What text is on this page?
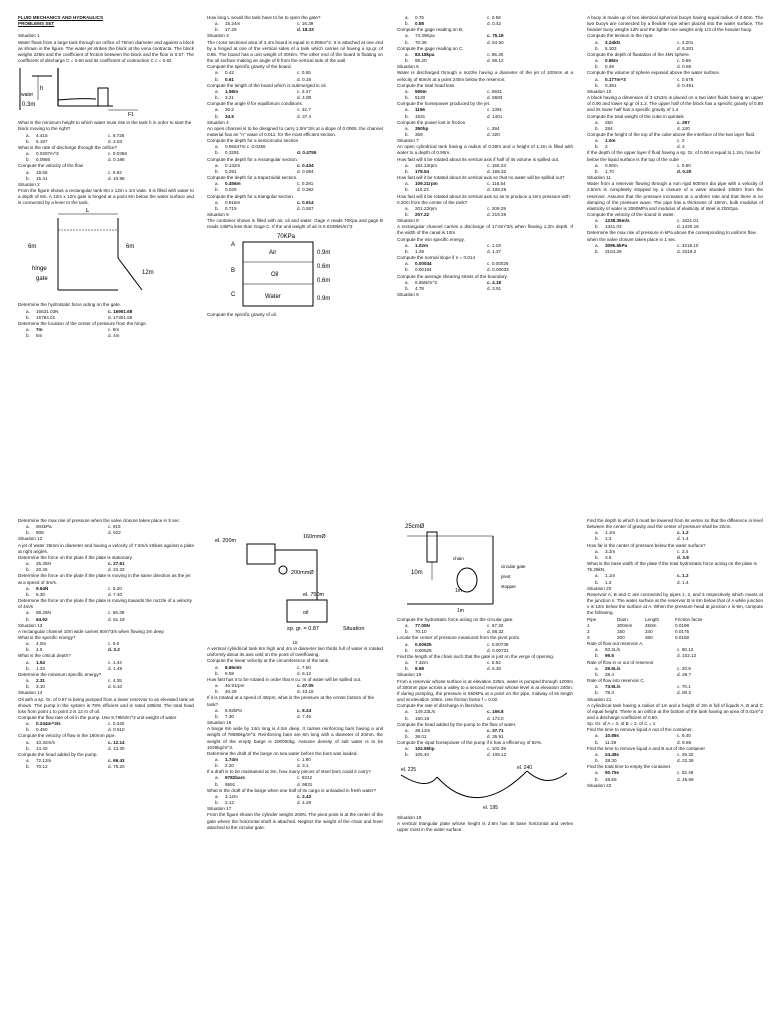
FLUID MECHANICS AND HYDRAULICS

PROBLEMS SET

Situation 1

Water flows from a large tank through an orifice of 75mm diameter and against a block as shown in the figure. The water jet strikes the block at the vena contracta. The block weighs 225N and the coefficient of friction between the block and the floor is 0.57. The coefficient of discharge C = 0.60 and its coefficient of contraction C c = 0.62

h
water
0.3m
F1

What is the minimum height to which water must rise in the tank h in order to start the block moving to the right?

a.	4.415	c. 6.725
b.	5.187	d. 2.53

What is the rate of discharge through the orifice?

a.	0.0297m^3	c. 0.0356
b.	0.0956	d. 0.186

Compute the velocity of the flow

a.	18.65	c. 6.82
b.	15.41	d. 10.86

Situation 2

From the figure shows a rectangular tank 8m x 12m x 1m wide. It is filled with water to a depth of 6m. A 12m x 12m gate is hinged at a point 6m below the water surface and is connected by a lever to the tank.

L
6m	6m
hinge
gate
12m

Determine the hydrostatic force acting on the gate.

a.	16631.03N	c. 16951.68
b.	15784.01	d. 17301.58

Determine the location of the center of pressure from the hinge.

a.	7m	c. 6m
b.	5m	d. 4m

How long L would the tank have to be to open the gate?

a.	15.24m	c. 16.39
b.	17.29	d. 18.33

Situation 3

The cross sectional area of 3.4m board is equal to 0.005m^2. It is attached at one end by a hinged at one of the vertical sides of a tank which carries oil having a sp.gr. of 0.85. The board has a unit weight of 30N/m. The other end of the board is floating on the oil surface making an angle of θ from the vertical side of the wall.

Compute the specific gravity of the board.

a.	0.42	c. 0.55
b.	0.61	d. 0.18

Compute the length of the board which is submerged in oil.

a.	1.58m	c. 2.47
b.	3.21	d. 4.08

Compute the angle θ for equilibrium conditions.

a.	30.2	c. 32.7
b.	34.5	d. 37.4

Situation 4

An open channel is to be designed to carry 1.0m^3/s at a slope of 0.0065. the channel material has an "n" value of 0.011. for the most efficient section.

Compute the depth for a semicircular section

a.	0.06547m c. 0.0256
b.	0.3291	d. 0.4755

Compute the depth for a rectangular section.

a.	0.132m	c. 0.434
b.	0.291	d. 0.084

Compute the depth for a trapezoidal section.

a.	0.456m	c. 0.281
b.	0.029	d. 0.392

Compute the depth for a triangular section.

a.	0.815m	c. 0.614
b.	0.719	d. 0.557

Situation 5

The container shown is filled with air, oil and water. Gage A reads 70Kpa and gage B reads 14kPa less than Gage C. If the unit weight of air is 0.0236kN/m^3

70KPa
A
B
C
Air
Oil
Water
0.9m
0.6m
0.6m
0.9m

Compute the specific gravity of oil.

a.	0.75	c. 0.56
b.	0.88	d. 0.42

Compute the gage reading on B.

a.	74.39Kpa	c. 75.18
b.	70.39	d. 64.50

Compute the gage reading on C.

a.	83.18kpa	c. 85.30
b.	95.20	d. 86.12

Situation 6

Water is discharged through a nozzle having a diameter of the jet of 100mm at a velocity of 60m/s at a point 240m below the reservoir.

Compute the total head loss.

a.	565m	c. 5931
b.	5120	d. 5683

Compute the horsepower produced by the jet.

a.	1156	c. 1391
b.	1531	d. 1401

Compute the power lost in friction

a.	350hp	c. 394
b.	359	d. 320

Situation 7

An open cylindrical tank having a radius of 0.30m and a height of 1.2m is filled with water to a depth of 0.90m.

How fast will it be rotated about its vertical axis if half of its volume is spilled out.

a.	184.23rpm	c. 156.23
b.	178.54	d. 168.32

How fast will it be rotated about its vertical axis so that no water will be spilled out?

a.	109.21rpm	c. 116.54
b.	110.23	d. 108.29

How fast will it be rotated about its vertical axis so as to produce a zero pressure with 0.20m from the center of the tank?

a.	201.23rpm	c. 209.29
b.	207.22	d. 219.39

Situation 8

A rectangular channel carries a discharge of 17.6m^3/s when flowing 1.2m depth. If the width of the canal is 10m

Compute the min specific energy.

a.	1.02m	c. 1.19
b.	1.29	d. 1.37

Compute the normal slope if n = 0.014

a.	0.00044	c. 0.00029
b.	0.00194	d. 0.00033

Compute the average shearing stress of the boundary.

a.	5.55N/m^2	c. 4.18
b.	4.78	d. 3.91

Situation 9

A buoy is made up of two identical spherical buoys having equal radius of 0.60m. The two buoys are connected by a flexible rope when placed into the water surface. The heavier buoy weighs 12N and the lighter one weighs only 1/3 of the heavier buoy.

Compute the tension in the rope.

a.	3.24kN	c. 4.201
b.	5.103	d. 6.201

Compute the depth of floatation of the 4kN sphere.

a.	0.86m	c. 0.69
b.	0.49	d. 0.68

Compute the volume of sphere exposed above the water surface.

a.	0.177m^3	c. 0.578
b.	0.391	d. 0.491

Situation 10

A block having a dimension of 3 x3x3m is placed on a two later fluids having an upper of 0.90 and lower sp.gr of 1.2. The upper half of the block has a specific gravity of 0.80 and its lower half has a specific gravity of 1.4

Compute the total weight of the cube in quintals

a.	250	c. 297
b.	284	d. 240

Compute the height of the top of the cube above the interface of the two layer fluid.

a.	1.0m	c. 2
b.	3	d. 4

If the depth of the upper layer if fluid having a sp. Gr. of 0.90 is equal to 1.2m, how far below the liquid surface is the top of the cube

a.	0.50m	c. 0.60
b.	1.70	d. 0.20

Situation 11

Water from a reservoir flowing through a non rigid 600mm dia pipe with a velocity of 2.5m/s is completely stopped by a closure of a valve situated 1050m from the reservoir. Assume that the pressure increases at a uniform rate and that there is no damping of the pressure wave. The pipe has a thickness of 18mm, bulk modulus of elasticity of water is 2060MPa and modulus of elasticity of steel is 200Gpa.

Compute the velocity of the sound in water.

a.	1238.35m/s	c. 1821.01
b.	1341.03	d. 1420.18

Determine the max rise of pressure in kPa above the corresponding to uniform flow when the valve closure takes place in 1 sec.

a.	3095.5kPa	c. 3219.10
b.	3104.29	d. 3319.2

Determine the max rise of pressure when the valve closure takes place in 5 sec

a.	904kPa	c. 915
b.	908	d. 922

Situation 12

A jet of water 25mm in diameter and having a velocity of 7.5m/s strikes against a plate at right angles.

Determine the force on the plate if the plate is stationary.

a.	25.35N	c. 27.61
b.	20.45	d. 22.33

Determine the force on the plate if the plate is moving in the same direction as the jet at a speed of 3m/s.

a.	9.94N	c. 5.20
b.	6.30	d. 7.40

Determine the force on the plate if the plate is moving towards the nozzle of a velocity of 4m/s

a.	69.29N	c. 66.39
b.	64.92	d. 61.19

Situation 13

A rectangular channel 10m wide carries 60m^3/s when flowing 3m deep

What is the specific energy?

a.	4.0m	c. 5.0
b.	4.5	d. 3.2

What is the critical depth?

a.	1.54	c. 1.44
b.	1.33	d. 1.49

Determine the minimum specific energy?

a.	2.31	c. 4.35
b.	3.10	d. 5.10

Situation 14

Oil with a sp. Gr. of 0.87 is being pumped from a lower reservoir to an elevated tank as shown. The pump in the system is 78% efficient and is rated 185kW. The total head loss from point 1 to point 2 is 12 m of oil.

Compute the flow rate of oil in the pump. Use 9.79kN/m^3 unit weight of water

a.	0.244m^3/s	c. 0.340
b.	0.450	d. 0.510

Compute the velocity of flow in the 160mm pipe.

a.	10.32m/s	c. 12.14
b.	14.40	d. 13.30

Compute the head added by the pump.

a.	72.12m	c. 69.43
b.	70.12	d. 75.20
160mmØ
el. 200m
200mmØ
el. 750m
oil
sp. gr. = 0.87	Situation

15

A vertical cylindrical tank 6m high and 4m in diameter two thirds full of water is rotated uniformly about its axis until on the point of overflowing.

Compute the linear velocity at the circumference of the tank.

a.	8.86m/s	c. 7.50
b.	6.59	d. 6.12

How fast has it to be rotated in order that 6 cu. m of water will be spilled out.

a.	45.91rpm	c. 47.05
b.	40.29	d. 43.16

If it is rotated at a speed of 48rpm, what is the pressure at the center bottom of the tank?

a.	6.92kPa	c. 8.24
b.	7.30	d. 7.45

Situation 16

A barge 8m wide by 14m long is 4.5m deep. It carries reinforcing bars having a unit weight of 78590kg/m^3. Reinforcing bars are 6m long with a diameter of 20mm. the weight of the empty barge is 200000kg. Assume density of salt water is to be 1026kg/m^3.

Determine the draft of the barge on sea water before the bars was loaded.

a.	1.74m	c. 1.90
b.	2.20	d. 3.1

If a draft is to be maintained at 3m, how many pieces of steel bars could it carry?

a.	9782bars	c. 9312
b.	9591	d. 9831

What is the draft of the barge when one half of its cargo is unloaded in fresh water?

a.	3.12m	c. 2.43
b.	2.12	d. 4.28

Situation 17

From the figure shown the cylinder weighs 200N. The pivot point is at the center of the gate where the horizontal shaft is attached. Neglect the weight of the chain and lever attached to the circular gate.

25cmØ
10m
chain
circular gate
pivot
stopper
1m
1m

Compute the hydrostatic force acting on the circular gate.

a.	77.05N	c. 67.32
b.	70.10	d. 56.32

Locate the center of pressure measured from the pivot point.

a.	0.00625	c. 0.00739
b.	0.00529	d. 0.00731

Find the length of the chain such that the gate is just on the verge of opening.

a.	7.32m	c. 5.92
b.	8.58	d. 6.30

Situation 18

From a reservoir whose surface is at elevation 225m, water is pumped through 1200m of 300mm pipe across a valley to a second reservoir whose level is at elevation 240m. If during pumping, the pressure is 550kPa at a point on the pipe, midway of its length and at elevation 195m. Use friction factor f = 0.02.

Compute the rate of discharge in liters/sec.

a.	149.23L/s	c. 166.8
b.	150.19	d. 172.0

Compute the head added by the pump to the flow of water.

a.	38.12m	c. 37.71
b.	36.01	d. 35.91

Compute the input horsepower of the pump if it has a efficiency of 82%.

a.	102.55hp	c. 102.39
b.	105.40	d. 108.12
el. 225	el. 240
el. 195

Situation 19

A vertical triangular plate whose height is 2.6m has its base horizontal and vertex upper most in the water surface.

Find the depth to which it must be lowered from its vertex so that the difference in level between the center of gravity and the center of pressure shall be 20cm.

a.	1.1m	c. 1.2
b.	1.3	d. 1.4

How far is the center of pressure below the water surface?

a.	3.2m	c. 3.4
b.	3.6	d. 3.8

What is the base width of the plate if the total hydrostatic force acting on the plate is 76.28kN.

a.	1.1m	c. 1.2
b.	1.3	d. 1.4

Situation 20

Reservoir A, B and C are connected by pipes 1, 2, and 3 respectively which meets at the junction x. The water surface at the reservoir B is 6m below that of A while junction x is 12m below the surface at A. When the pressure head at junction x is 9m, compute the following.

Pipe	Diam.	Length	Friction factor
1	300mm	450m	0.0198
2	150	240	0.0175
3	200	360	0.0168

Rate of flow out reservoir A.

a.	93.2L/s	c. 90.12
b.	99.5	d. 102.12

Rate of flow in or out of reservoir

a.	25.6L/s	c. 20.9
b.	28.4	d. 29.7

Rate of flow into reservoir C.

a.	73.9L/s	c. 70.1
b.	78.3	d. 80.2

Situation 21

A cylindrical tank having a radius of 1m and a height of 3m is full of liquids A, B and C of equal height. There is an orifice at the bottom of the tank having an area of 0.01m^2 and a discharge coefficient of 0.60.

Sp. Gr. of A = 3, of B = 2, of C = 1

Find the time to remove liquid A out of the container.

a.	10.88s	c. 9.40
b.	11.39	d. 9.59

Find the time to remove liquid A and B out of the container

a.	24.48s	c. 29.32
b.	28.30	d. 22.39

Find the total time to empty the container.

a.	50.75s	c. 52.49
b.	48.59	d. 45.69

Situation 22
